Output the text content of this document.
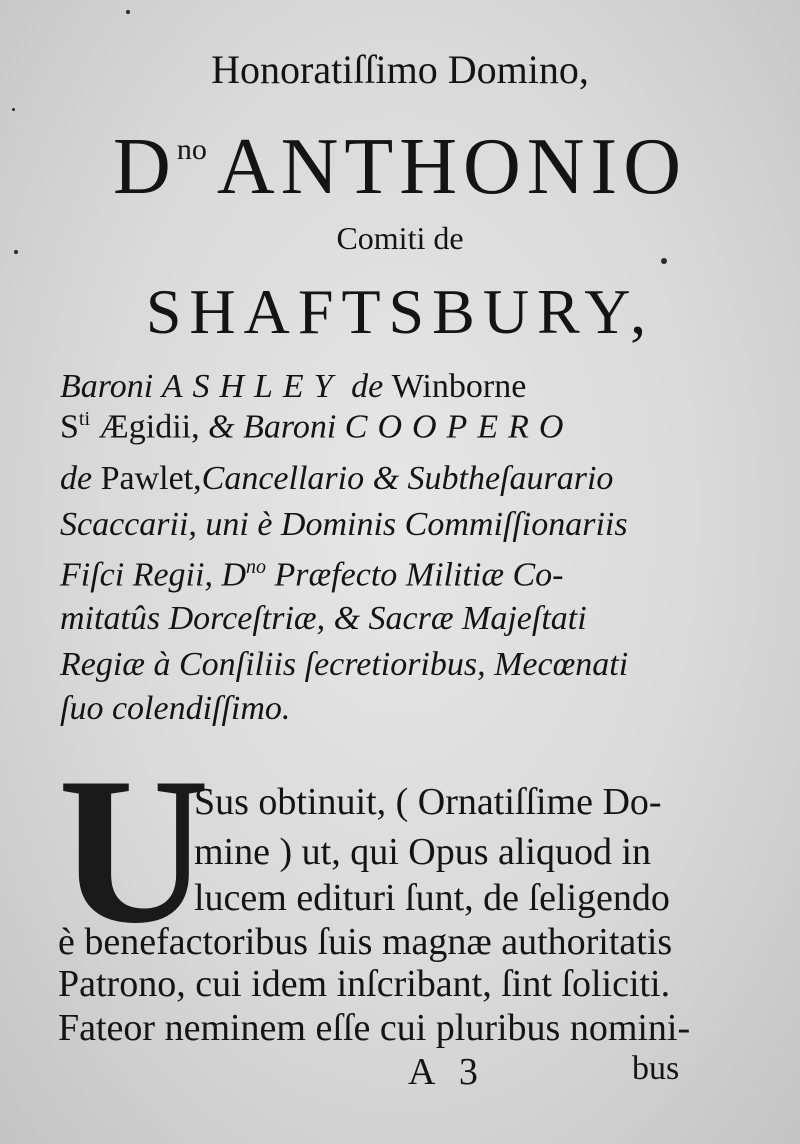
Honoratiſſimo Domino,
$D^{no}$ ANTHONIO
Comiti de
SHAFTSBURY,
Baroni ASHLEY de Winborne
$S^{ti}$ Ægidii, & Baroni COOPERO
de Pawlet,Cancellario & Subtheſaurario
Scaccarii, uni è Dominis Commiſſionariis
Fiſci Regii, $D^{no}$ Præfecto Militiæ Co-
mitatûs Dorceſtriæ, & Sacræ Majeſtati
Regiæ à Conſiliis ſecretioribus, Mecœnati
ſuo colendiſſimo.
U
Sus obtinuit, ( Ornatiſſime Do-
mine ) ut, qui Opus aliquod in
lucem edituri ſunt, de ſeligendo
è benefactoribus ſuis magnæ authoritatis
Patrono, cui idem inſcribant, ſint ſoliciti.
Fateor neminem eſſe cui pluribus nomini-
A 3	bus
